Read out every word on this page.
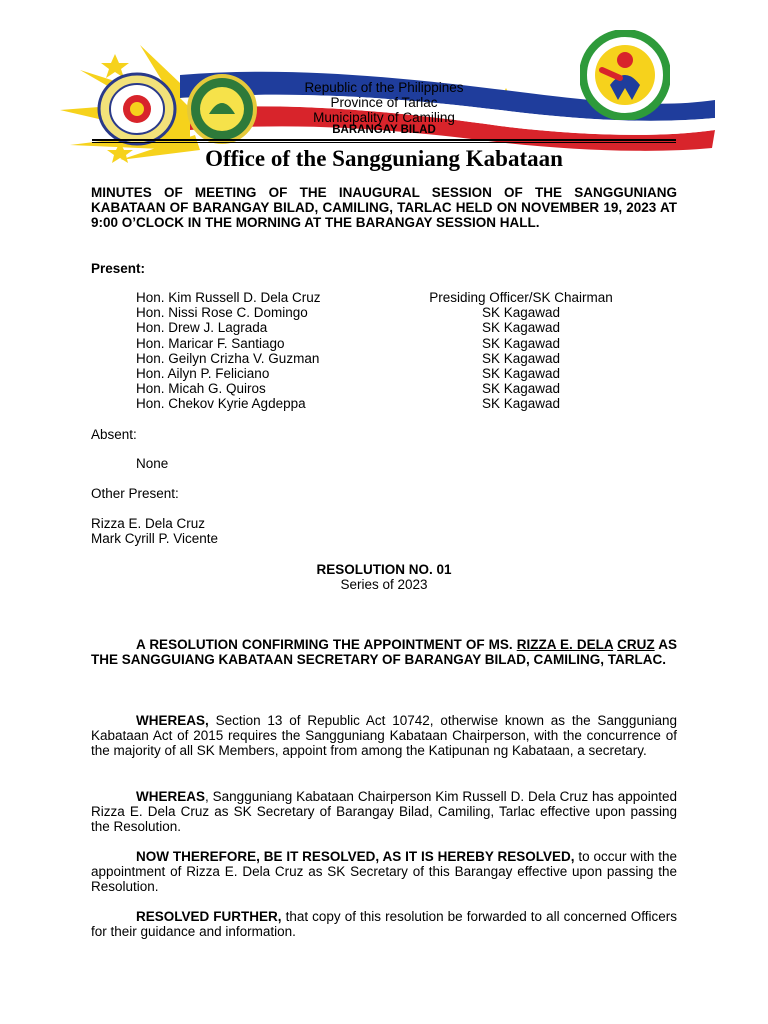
Republic of the Philippines
Province of Tarlac
Municipality of Camiling
BARANGAY BILAD
Office of the Sangguniang Kabataan
MINUTES OF MEETING OF THE INAUGURAL SESSION OF THE SANGGUNIANG KABATAAN OF BARANGAY BILAD, CAMILING, TARLAC HELD ON NOVEMBER 19, 2023 AT 9:00 O’CLOCK IN THE MORNING AT THE BARANGAY SESSION HALL.
Present:
Hon. Kim Russell D. Dela Cruz	Presiding Officer/SK Chairman
Hon. Nissi Rose C. Domingo	SK Kagawad
Hon. Drew J. Lagrada	SK Kagawad
Hon. Maricar F. Santiago	SK Kagawad
Hon. Geilyn Crizha V. Guzman	SK Kagawad
Hon. Ailyn P. Feliciano	SK Kagawad
Hon. Micah G. Quiros	SK Kagawad
Hon. Chekov Kyrie Agdeppa	SK Kagawad
Absent:
None
Other Present:
Rizza E. Dela Cruz
Mark Cyrill P. Vicente
RESOLUTION NO. 01
Series of 2023
A RESOLUTION CONFIRMING THE APPOINTMENT OF MS. RIZZA E. DELA CRUZ AS THE SANGGUIANG KABATAAN SECRETARY OF BARANGAY BILAD, CAMILING, TARLAC.
WHEREAS, Section 13 of Republic Act 10742, otherwise known as the Sangguniang Kabataan Act of 2015 requires the Sangguniang Kabataan Chairperson, with the concurrence of the majority of all SK Members, appoint from among the Katipunan ng Kabataan, a secretary.
WHEREAS, Sangguniang Kabataan Chairperson Kim Russell D. Dela Cruz has appointed Rizza E. Dela Cruz as SK Secretary of Barangay Bilad, Camiling, Tarlac effective upon passing the Resolution.
NOW THEREFORE, BE IT RESOLVED, AS IT IS HEREBY RESOLVED, to occur with the appointment of Rizza E. Dela Cruz as SK Secretary of this Barangay effective upon passing the Resolution.
RESOLVED FURTHER, that copy of this resolution be forwarded to all concerned Officers for their guidance and information.
